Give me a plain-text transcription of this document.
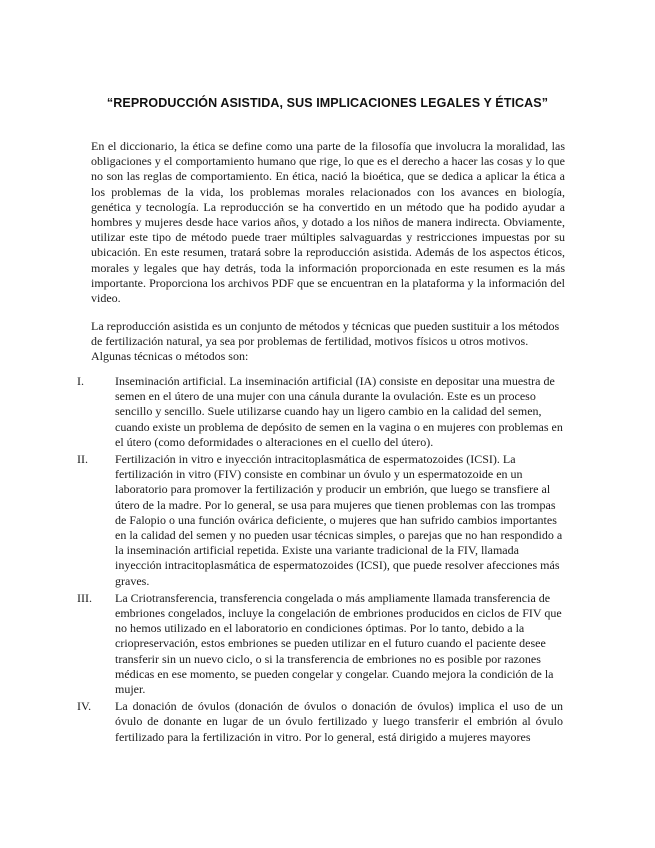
“REPRODUCCIÓN ASISTIDA, SUS IMPLICACIONES LEGALES Y ÉTICAS”

En el diccionario, la ética se define como una parte de la filosofía que involucra la moralidad, las obligaciones y el comportamiento humano que rige, lo que es el derecho a hacer las cosas y lo que no son las reglas de comportamiento. En ética, nació la bioética, que se dedica a aplicar la ética a los problemas de la vida, los problemas morales relacionados con los avances en biología, genética y tecnología. La reproducción se ha convertido en un método que ha podido ayudar a hombres y mujeres desde hace varios años, y dotado a los niños de manera indirecta. Obviamente, utilizar este tipo de método puede traer múltiples salvaguardas y restricciones impuestas por su ubicación. En este resumen, tratará sobre la reproducción asistida. Además de los aspectos éticos, morales y legales que hay detrás, toda la información proporcionada en este resumen es la más importante. Proporciona los archivos PDF que se encuentran en la plataforma y la información del video.

La reproducción asistida es un conjunto de métodos y técnicas que pueden sustituir a los métodos de fertilización natural, ya sea por problemas de fertilidad, motivos físicos u otros motivos. Algunas técnicas o métodos son:

I.	Inseminación artificial. La inseminación artificial (IA) consiste en depositar una muestra de semen en el útero de una mujer con una cánula durante la ovulación. Este es un proceso sencillo y sencillo. Suele utilizarse cuando hay un ligero cambio en la calidad del semen, cuando existe un problema de depósito de semen en la vagina o en mujeres con problemas en el útero (como deformidades o alteraciones en el cuello del útero).
II.	Fertilización in vitro e inyección intracitoplasmática de espermatozoides (ICSI). La fertilización in vitro (FIV) consiste en combinar un óvulo y un espermatozoide en un laboratorio para promover la fertilización y producir un embrión, que luego se transfiere al útero de la madre. Por lo general, se usa para mujeres que tienen problemas con las trompas de Falopio o una función ovárica deficiente, o mujeres que han sufrido cambios importantes en la calidad del semen y no pueden usar técnicas simples, o parejas que no han respondido a la inseminación artificial repetida. Existe una variante tradicional de la FIV, llamada inyección intracitoplasmática de espermatozoides (ICSI), que puede resolver afecciones más graves.
III.	La Criotransferencia, transferencia congelada o más ampliamente llamada transferencia de embriones congelados, incluye la congelación de embriones producidos en ciclos de FIV que no hemos utilizado en el laboratorio en condiciones óptimas. Por lo tanto, debido a la criopreservación, estos embriones se pueden utilizar en el futuro cuando el paciente desee transferir sin un nuevo ciclo, o si la transferencia de embriones no es posible por razones médicas en ese momento, se pueden congelar y congelar. Cuando mejora la condición de la mujer.
IV.	La donación de óvulos (donación de óvulos o donación de óvulos) implica el uso de un óvulo de donante en lugar de un óvulo fertilizado y luego transferir el embrión al óvulo fertilizado para la fertilización in vitro. Por lo general, está dirigido a mujeres mayores
